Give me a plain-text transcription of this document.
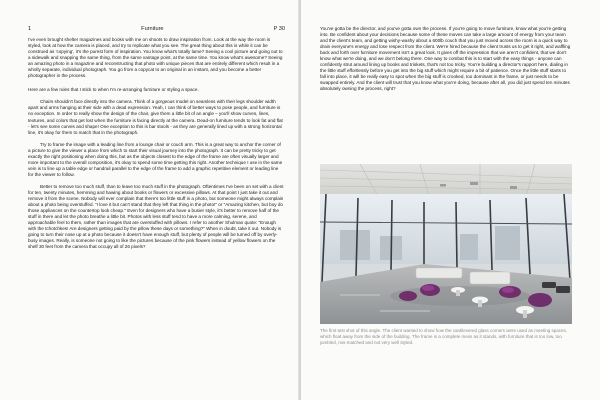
1	Furniture	P 30

I've even brought shelter magazines and books with me on shoots to draw inspiration from. Look at the way the room is styled, look at how the camera is placed, and try to replicate what you see. The great thing about this is while it can be construed as 'copying', it's the purest form of inspiration. You know what's totally lame? Seeing a cool picture and going out to a sidewalk and snapping the same thing, from the same vantage point, at the same time. You know what's awesome? Seeing an amazing photo in a magazine and reconstructing that photo with unique pieces that are entirely different which result in a wholly separate, individual photograph. You go from a copycat to an original in an instant, and you become a better photographer in the process.

Here are a few rules that I stick to when I'm re-arranging furniture or styling a space.

Chairs shouldn't face directly into the camera. Think of a gorgeous model on seamless with their legs shoulder width apart and arms hanging at their side with a dead expression. Yeah, I can think of better ways to pose people, and furniture is no exception. In order to really show the design of the chair, give them a little bit of an angle – you'll show curves, lines, textures, and colors that get lost when the furniture is facing directly at the camera. Dead-on furniture tends to look fat and flat - let's see some curves and shape! One exception to this is bar stools - as they are generally lined up with a strong horizontal line, it's okay for them to match that in the photograph.

Try to frame the image with a leading line from a lounge chair or couch arm. This is a great way to anchor the corner of a picture to give the viewer a place from which to start their visual journey into the photograph. It can be pretty tricky to get exactly the right positioning when doing this, but as the objects closest to the edge of the frame are often visually larger and more important to the overall composition, it's okay to spend some time getting this right. Another technique I use in the same vein is to line up a table edge or handrail parallel to the edge of the frame to add a graphic repetitive element or leading line for the viewer to follow.

Better to remove too much stuff, than to leave too much stuff in the photograph. Oftentimes I've been on set with a client for ten, twenty minutes, hemming and hawing about books or flowers or excessive pillows. At that point I just take it out and remove it from the scene. Nobody will ever complain that there's too little stuff in a photo, but someone might always complain about a photo being overstuffed. "I love it but can't stand that they left that thing in the photo!" or "Amazing kitchen, but boy do those appliances on the countertop look cheap." Even for designers who have a busier style, it's better to remove half of the stuff in there and let the photo breathe a little bit. Photos with less stuff tend to have a more calming, serene, and approachable feel to them, rather than images that are overstuffed with pillows. I refer to another Shulman quote: "Enough with the tchotchkes! Are designers getting paid by the pillow these days or something?" When in doubt, take it out. Nobody is going to turn their nose up at a photo because it doesn't have enough stuff, but plenty of people will be turned off by overly-busy images. Really, is someone not going to like the pictures because of the pink flowers instead of yellow flowers on the shelf 30 feet from the camera that occupy all of 26 pixels?

You've gotta be the director, and you've gotta own the process. If you're going to move furniture, know what you're getting into. Be confident about your decisions because some of these moves can take a large amount of energy from your team and the client's team, and getting wishy-washy about a 600lb couch that you just moved across the room is a quick way to drain everyone's energy and lose respect from the client. We're hired because the client trusts us to get it right, and waffling back and forth over furniture movement isn't a great look. It gives off the impression that we aren't confident, that we don't know what we're doing, and we don't belong there. One way to combat this is to start with the easy things - anyone can confidently strut around lining up books and trinkets, that's not too tricky. You're building a director's rapport here, dialing in the little stuff effortlessly before you get into the big stuff which might require a bit of patience. Once the little stuff starts to fall into place, it will be really easy to spot when the big stuff is crooked, too dominant in the frame, or just needs to be swapped entirely. And the client will trust that you know what you're doing, because after all, you did just spend ten minutes absolutely owning the process, right?

The first test shot of this angle. The client wanted to show how the cantilevered glass corners were used as meeting spaces, which float away from the side of the building. The frame is a complete mess as it stands, with furniture that is too low, too jumbled, mis-matched and not very well styled.
